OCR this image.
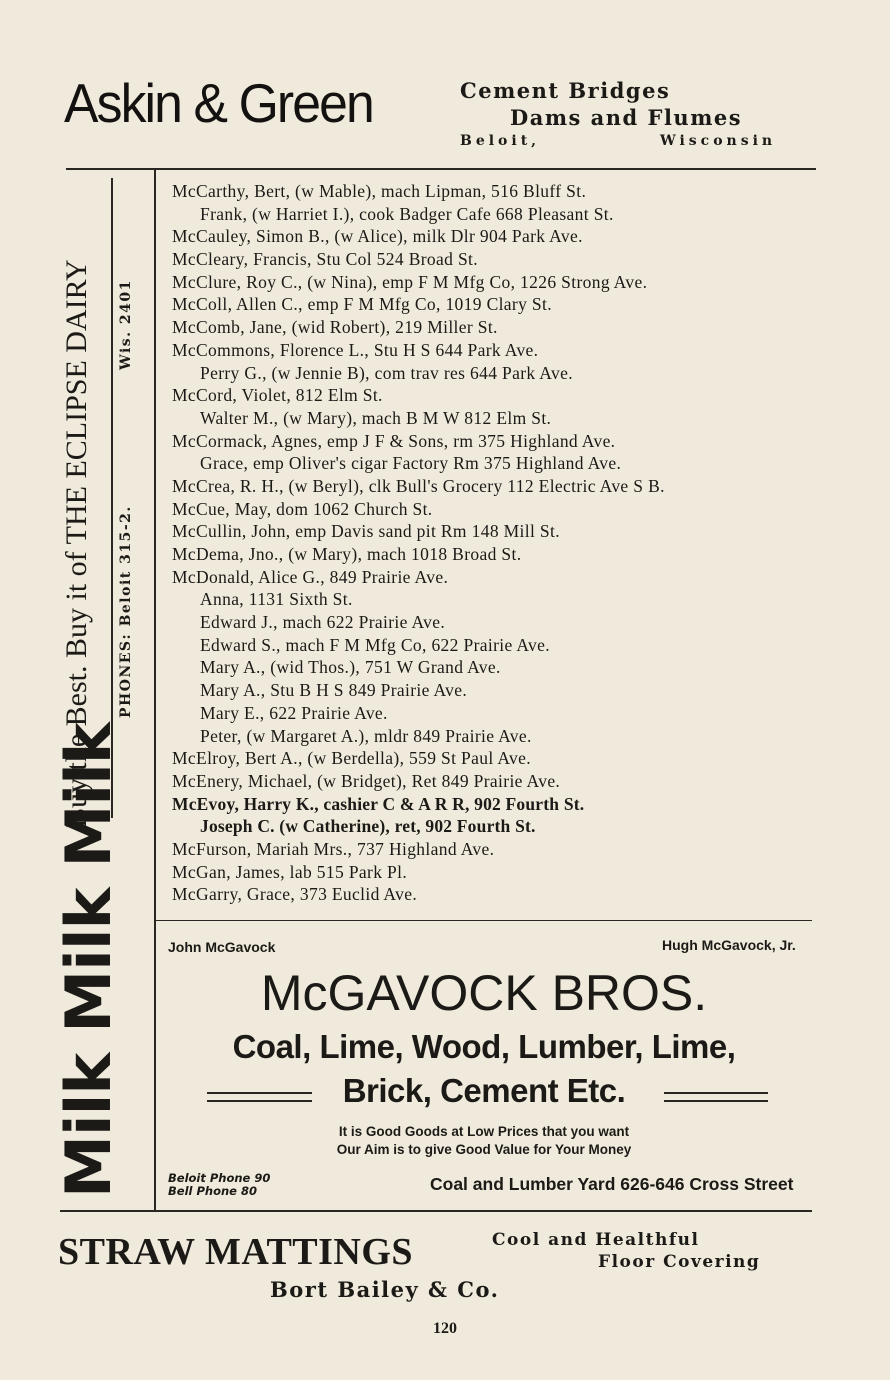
Askin & Green	Cement Bridges
Dams and Flumes
Beloit,	Wisconsin
Buy the Best. Buy it of THE ECLIPSE DAIRY PHONES: Beloit 315-2.
Wis. 2401
Milk Milk Milk
McCarthy, Bert, (w Mable), mach Lipman, 516 Bluff St.
Frank, (w Harriet I.), cook Badger Cafe 668 Pleasant St.
McCauley, Simon B., (w Alice), milk Dlr 904 Park Ave.
McCleary, Francis, Stu Col 524 Broad St.
McClure, Roy C., (w Nina), emp F M Mfg Co, 1226 Strong Ave.
McColl, Allen C., emp F M Mfg Co, 1019 Clary St.
McComb, Jane, (wid Robert), 219 Miller St.
McCommons, Florence L., Stu H S 644 Park Ave.
Perry G., (w Jennie B), com trav res 644 Park Ave.
McCord, Violet, 812 Elm St.
Walter M., (w Mary), mach B M W 812 Elm St.
McCormack, Agnes, emp J F & Sons, rm 375 Highland Ave.
Grace, emp Oliver's cigar Factory Rm 375 Highland Ave.
McCrea, R. H., (w Beryl), clk Bull's Grocery 112 Electric Ave S B.
McCue, May, dom 1062 Church St.
McCullin, John, emp Davis sand pit Rm 148 Mill St.
McDema, Jno., (w Mary), mach 1018 Broad St.
McDonald, Alice G., 849 Prairie Ave.
Anna, 1131 Sixth St.
Edward J., mach 622 Prairie Ave.
Edward S., mach F M Mfg Co, 622 Prairie Ave.
Mary A., (wid Thos.), 751 W Grand Ave.
Mary A., Stu B H S 849 Prairie Ave.
Mary E., 622 Prairie Ave.
Peter, (w Margaret A.), mldr 849 Prairie Ave.
McElroy, Bert A., (w Berdella), 559 St Paul Ave.
McEnery, Michael, (w Bridget), Ret 849 Prairie Ave.
McEvoy, Harry K., cashier C & A R R, 902 Fourth St.
Joseph C. (w Catherine), ret, 902 Fourth St.
McFurson, Mariah Mrs., 737 Highland Ave.
McGan, James, lab 515 Park Pl.
McGarry, Grace, 373 Euclid Ave.
John McGavock	Hugh McGavock, Jr.
McGAVOCK BROS.
Coal, Lime, Wood, Lumber, Lime,
Brick, Cement Etc.
It is Good Goods at Low Prices that you want
Our Aim is to give Good Value for Your Money
Beloit Phone 90
Bell Phone 80	Coal and Lumber Yard 626-646 Cross Street
STRAW MATTINGS	Cool and Healthful
Floor Covering
Bort Bailey & Co.
120
